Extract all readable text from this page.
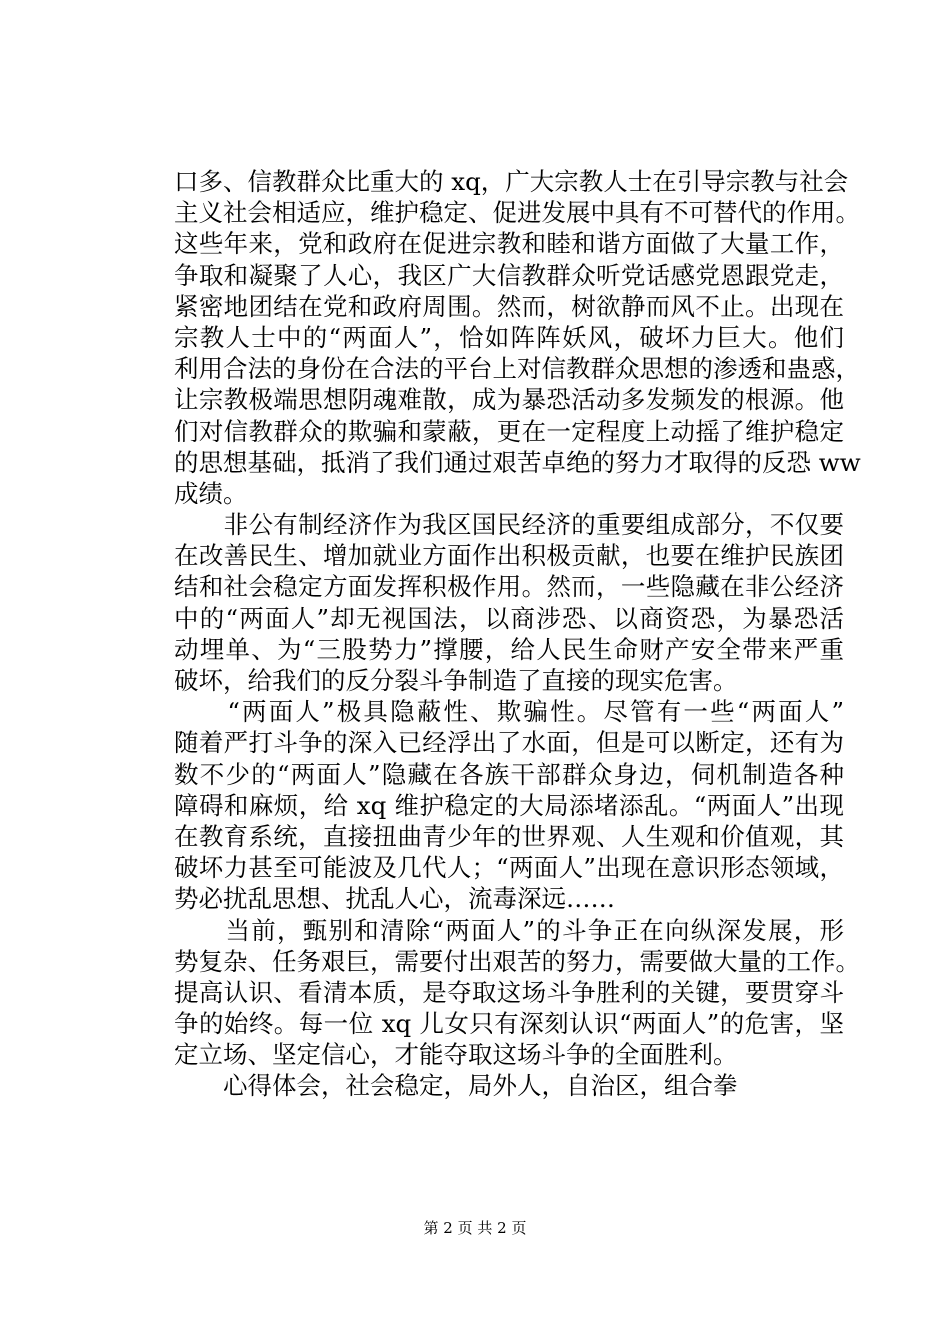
口多、信教群众比重大的 xq，广大宗教人士在引导宗教与社会
主义社会相适应，维护稳定、促进发展中具有不可替代的作用。
这些年来，党和政府在促进宗教和睦和谐方面做了大量工作，
争取和凝聚了人心，我区广大信教群众听党话感党恩跟党走，
紧密地团结在党和政府周围。然而，树欲静而风不止。出现在
宗教人士中的“两面人”，恰如阵阵妖风，破坏力巨大。他们
利用合法的身份在合法的平台上对信教群众思想的渗透和蛊惑，
让宗教极端思想阴魂难散，成为暴恐活动多发频发的根源。他
们对信教群众的欺骗和蒙蔽，更在一定程度上动摇了维护稳定
的思想基础，抵消了我们通过艰苦卓绝的努力才取得的反恐 ww
成绩。
　　非公有制经济作为我区国民经济的重要组成部分，不仅要
在改善民生、增加就业方面作出积极贡献，也要在维护民族团
结和社会稳定方面发挥积极作用。然而，一些隐藏在非公经济
中的“两面人”却无视国法，以商涉恐、以商资恐，为暴恐活
动埋单、为“三股势力”撑腰，给人民生命财产安全带来严重
破坏，给我们的反分裂斗争制造了直接的现实危害。
　　“两面人”极具隐蔽性、欺骗性。尽管有一些“两面人”
随着严打斗争的深入已经浮出了水面，但是可以断定，还有为
数不少的“两面人”隐藏在各族干部群众身边，伺机制造各种
障碍和麻烦，给 xq 维护稳定的大局添堵添乱。“两面人”出现
在教育系统，直接扭曲青少年的世界观、人生观和价值观，其
破坏力甚至可能波及几代人；“两面人”出现在意识形态领域，
势必扰乱思想、扰乱人心，流毒深远……
　　当前，甄别和清除“两面人”的斗争正在向纵深发展，形
势复杂、任务艰巨，需要付出艰苦的努力，需要做大量的工作。
提高认识、看清本质，是夺取这场斗争胜利的关键，要贯穿斗
争的始终。每一位 xq 儿女只有深刻认识“两面人”的危害，坚
定立场、坚定信心，才能夺取这场斗争的全面胜利。
　　心得体会，社会稳定，局外人，自治区，组合拳
第 2 页 共 2 页
